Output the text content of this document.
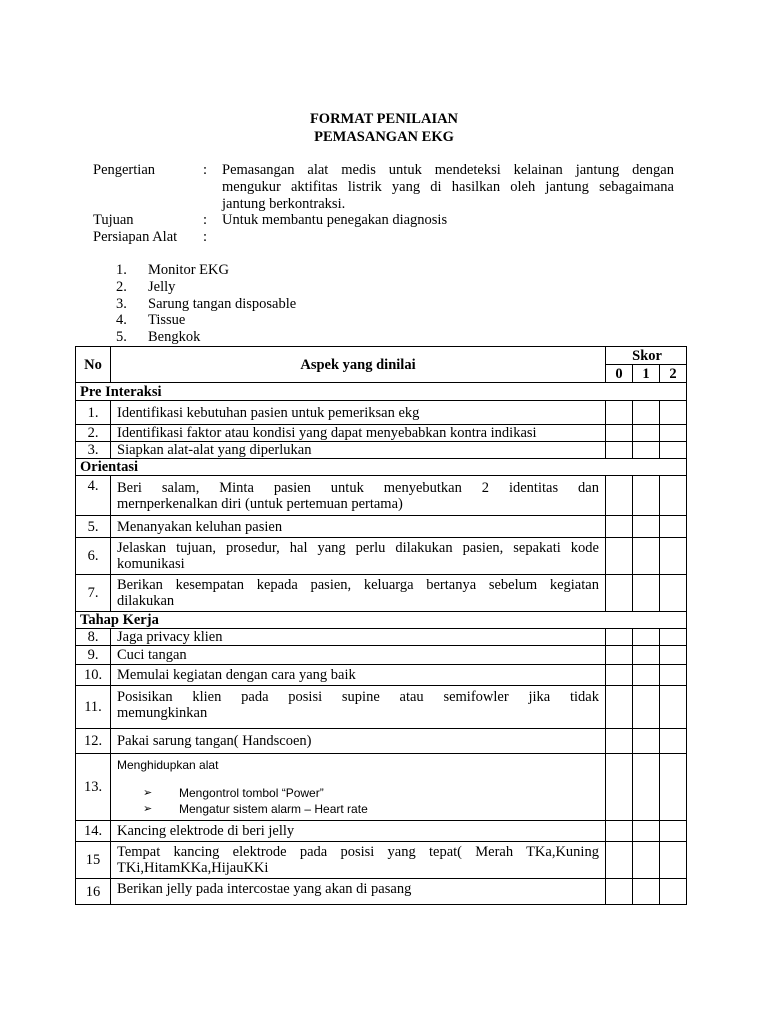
FORMAT PENILAIAN
PEMASANGAN EKG
Pengertian	: Pemasangan alat medis untuk mendeteksi kelainan jantung dengan
mengukur aktifitas listrik yang di hasilkan oleh jantung sebagaimana
jantung berkontraksi.
Tujuan	: Untuk membantu penegakan diagnosis
Persiapan Alat :
1. Monitor EKG
2. Jelly
3. Sarung tangan disposable
4. Tissue
5. Bengkok
No	Aspek yang dinilai	Skor		
		0	1	2
Pre Interaksi				
1.	Identifikasi kebutuhan pasien untuk pemeriksan ekg			
2.	Identifikasi faktor atau kondisi yang dapat menyebabkan kontra indikasi			
3.	Siapkan alat-alat yang diperlukan			
Orientasi				
4.	Beri salam, Minta pasien untuk menyebutkan 2 identitas dan
mernperkenalkan diri (untuk pertemuan pertama)			

5.	Menanyakan keluhan pasien			
6.	Jelaskan tujuan, prosedur, hal yang perlu dilakukan pasien, sepakati kode
komunikasi			

7.	Berikan kesempatan kepada pasien, keluarga bertanya sebelum kegiatan
dilakukan			

Tahap Kerja				
8.	Jaga privacy klien			
9.	Cuci tangan			
10.	Memulai kegiatan dengan cara yang baik			
11.	Posisikan klien pada posisi supine atau semifowler jika tidak
memungkinkan			

12.	Pakai sarung tangan( Handscoen)			
13.	Menghidupkan alat
➢ Mengontrol tombol “Power”
➢ Mengatur sistem alarm – Heart rate			

14.	Kancing elektrode di beri jelly			
15	Tempat kancing elektrode pada posisi yang tepat( Merah TKa,Kuning
TKi,HitamKKa,HijauKKi			

16	Berikan jelly pada intercostae yang akan di pasang			
